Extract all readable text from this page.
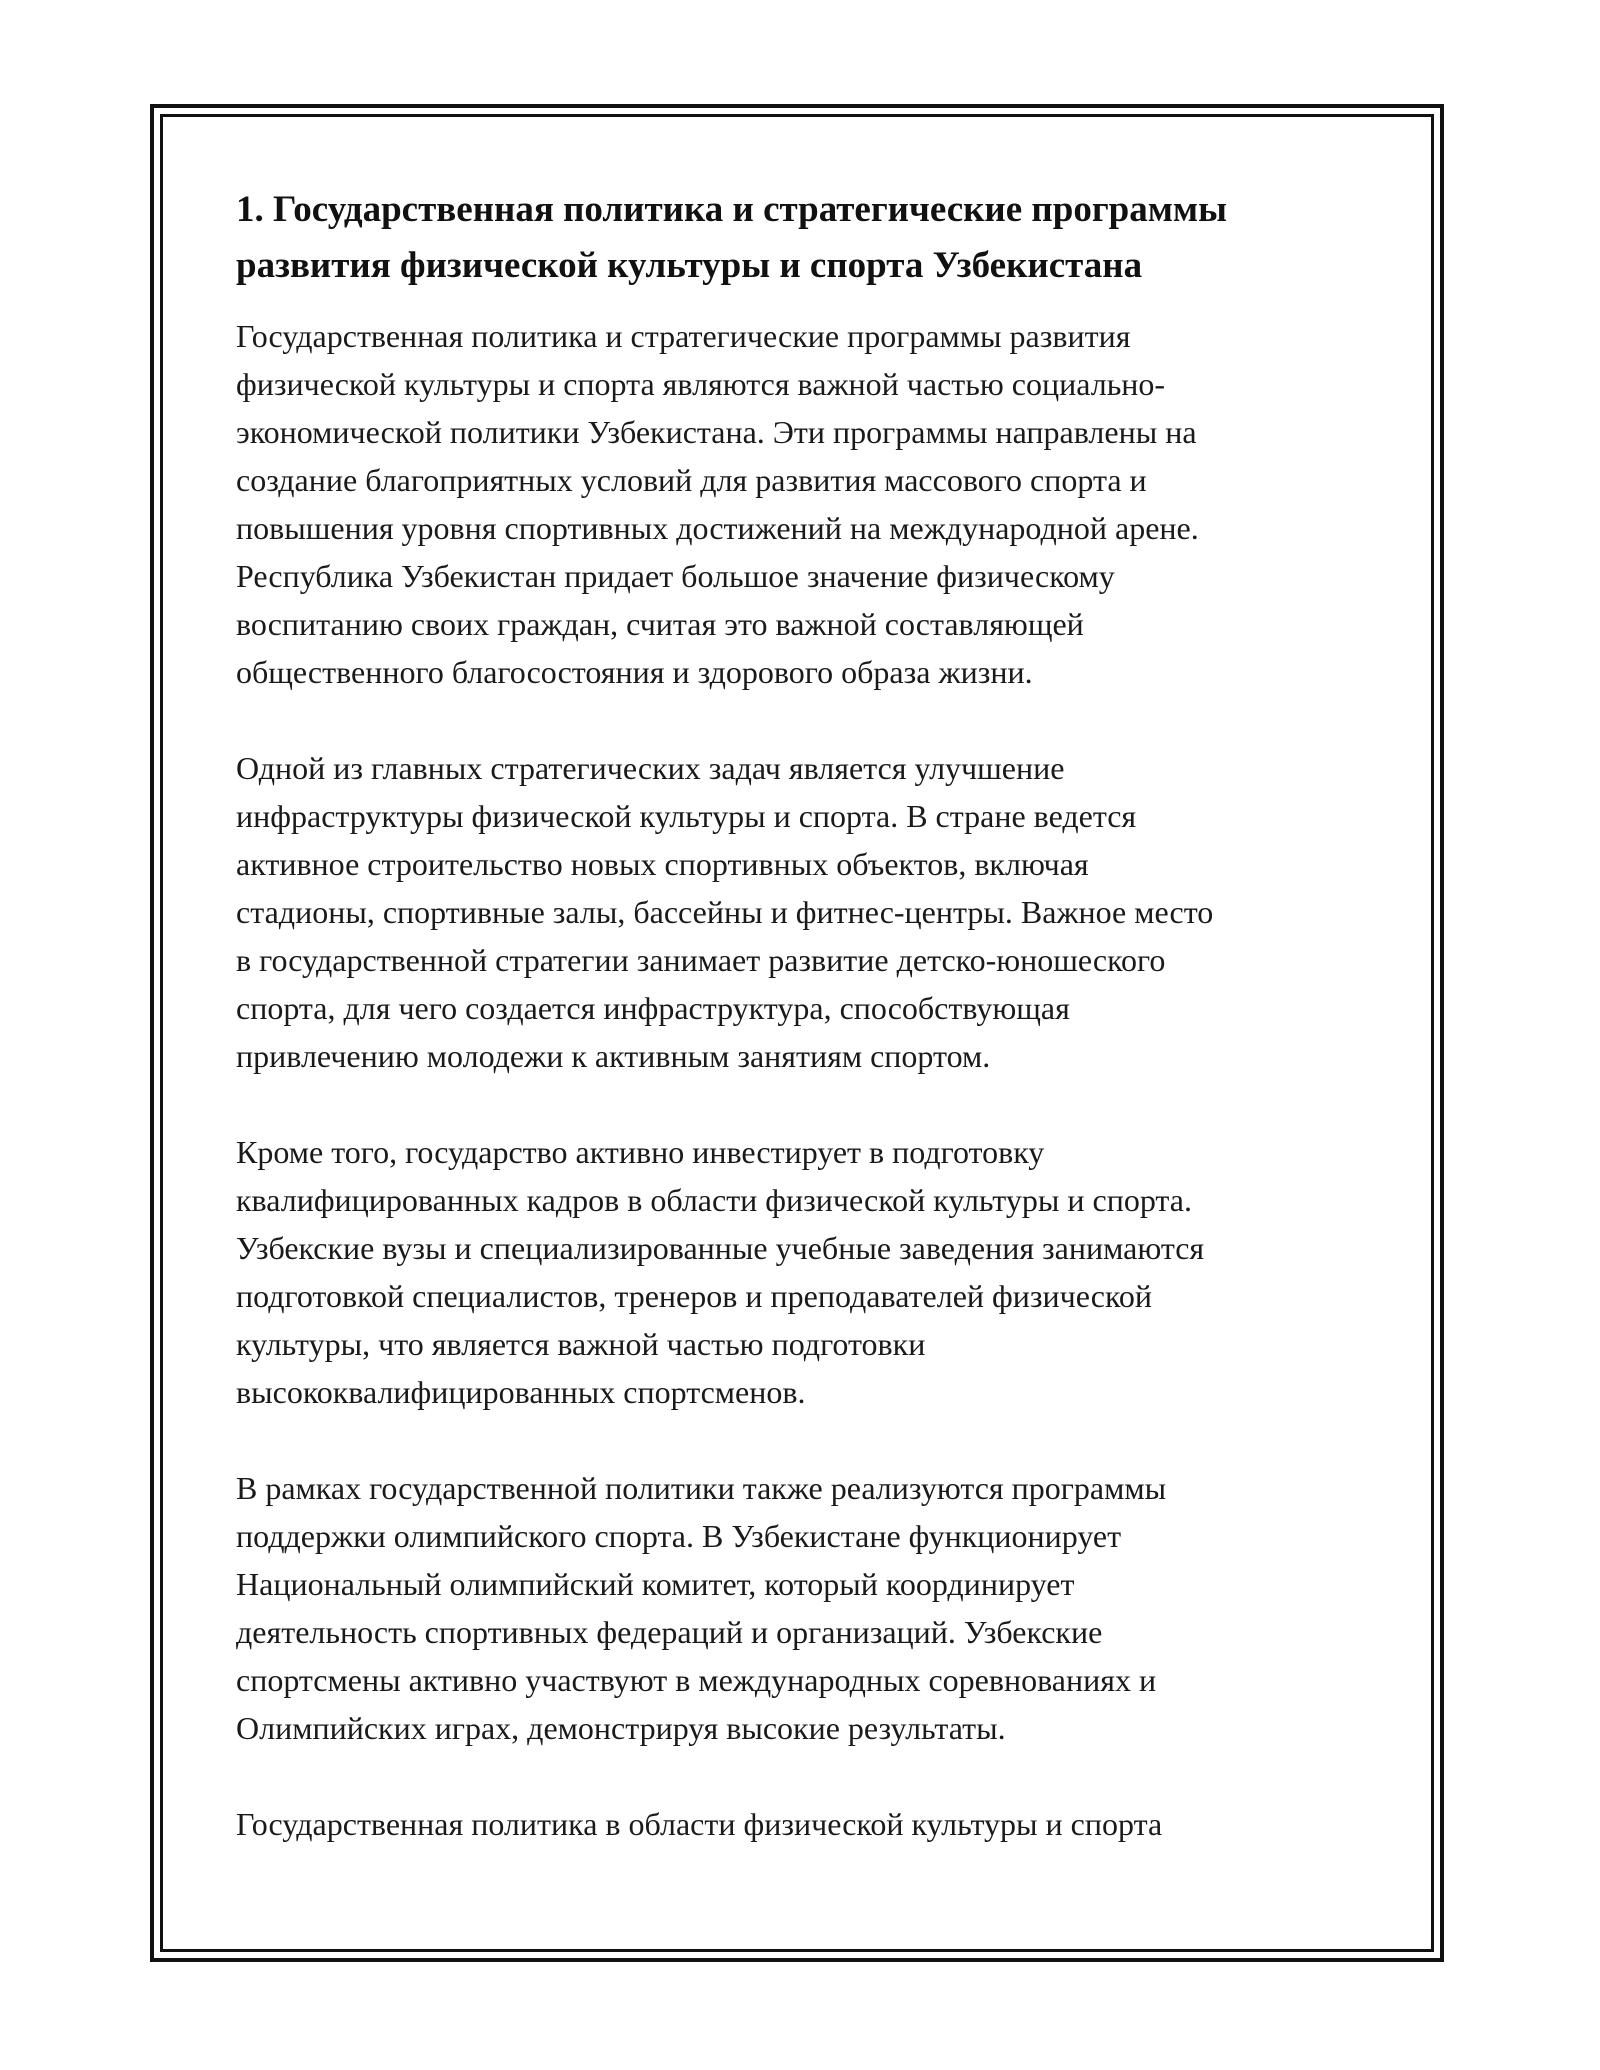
1. Государственная политика и стратегические программы
развития физической культуры и спорта Узбекистана

Государственная политика и стратегические программы развития
физической культуры и спорта являются важной частью социально-
экономической политики Узбекистана. Эти программы направлены на
создание благоприятных условий для развития массового спорта и
повышения уровня спортивных достижений на международной арене.
Республика Узбекистан придает большое значение физическому
воспитанию своих граждан, считая это важной составляющей
общественного благосостояния и здорового образа жизни.

Одной из главных стратегических задач является улучшение
инфраструктуры физической культуры и спорта. В стране ведется
активное строительство новых спортивных объектов, включая
стадионы, спортивные залы, бассейны и фитнес-центры. Важное место
в государственной стратегии занимает развитие детско-юношеского
спорта, для чего создается инфраструктура, способствующая
привлечению молодежи к активным занятиям спортом.

Кроме того, государство активно инвестирует в подготовку
квалифицированных кадров в области физической культуры и спорта.
Узбекские вузы и специализированные учебные заведения занимаются
подготовкой специалистов, тренеров и преподавателей физической
культуры, что является важной частью подготовки
высококвалифицированных спортсменов.

В рамках государственной политики также реализуются программы
поддержки олимпийского спорта. В Узбекистане функционирует
Национальный олимпийский комитет, который координирует
деятельность спортивных федераций и организаций. Узбекские
спортсмены активно участвуют в международных соревнованиях и
Олимпийских играх, демонстрируя высокие результаты.

Государственная политика в области физической культуры и спорта
